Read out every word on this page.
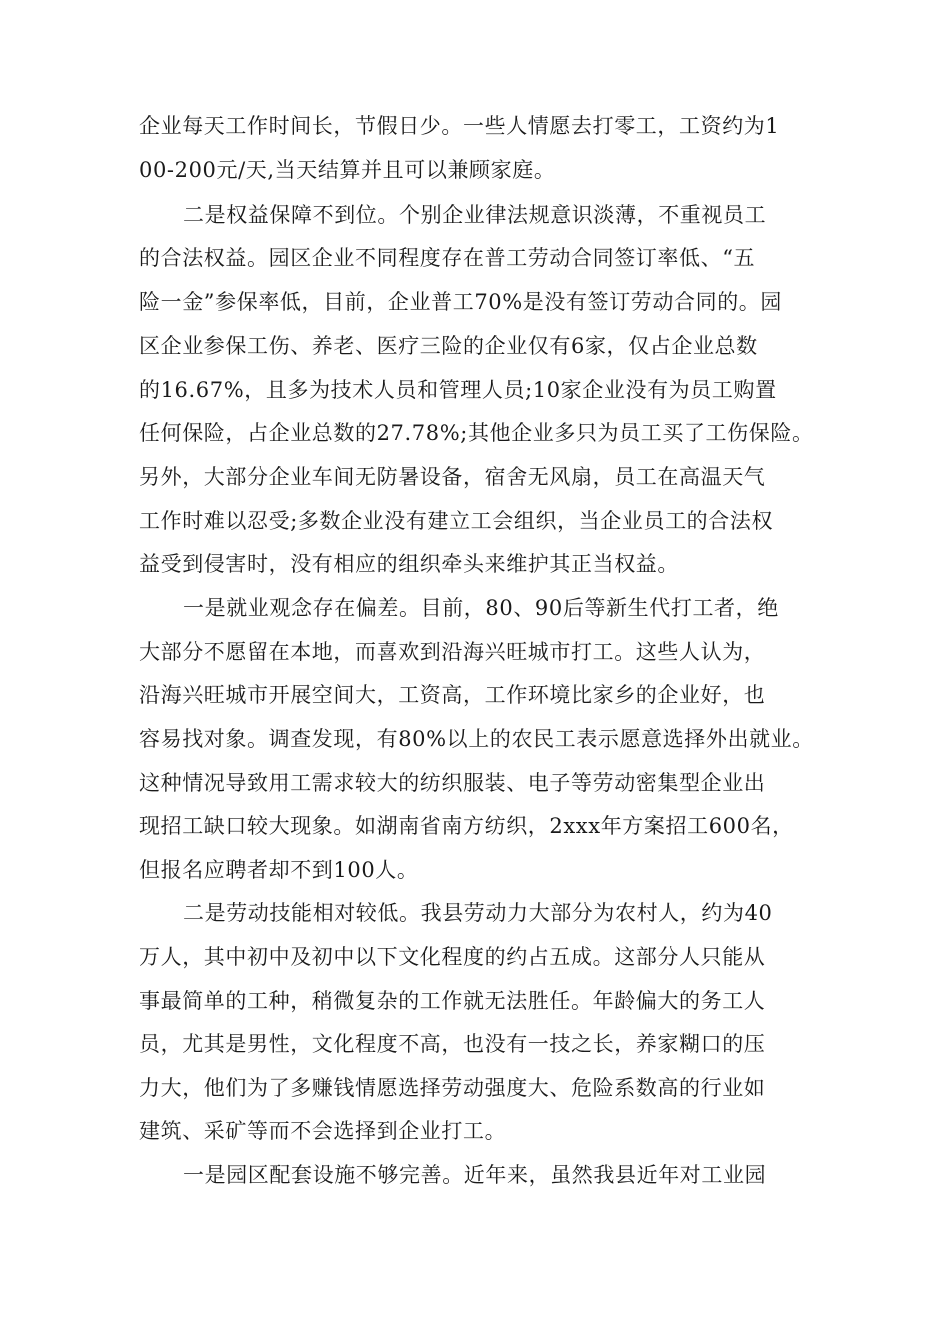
企业每天工作时间长，节假日少。一些人情愿去打零工，工资约为1
00-200元/天,当天结算并且可以兼顾家庭。
二是权益保障不到位。个别企业律法规意识淡薄，不重视员工
的合法权益。园区企业不同程度存在普工劳动合同签订率低、“五
险一金”参保率低，目前，企业普工70%是没有签订劳动合同的。园
区企业参保工伤、养老、医疗三险的企业仅有6家，仅占企业总数
的16.67%，且多为技术人员和管理人员;10家企业没有为员工购置
任何保险，占企业总数的27.78%;其他企业多只为员工买了工伤保险。
另外，大部分企业车间无防暑设备，宿舍无风扇，员工在高温天气
工作时难以忍受;多数企业没有建立工会组织，当企业员工的合法权
益受到侵害时，没有相应的组织牵头来维护其正当权益。
一是就业观念存在偏差。目前，80、90后等新生代打工者，绝
大部分不愿留在本地，而喜欢到沿海兴旺城市打工。这些人认为，
沿海兴旺城市开展空间大，工资高，工作环境比家乡的企业好，也
容易找对象。调查发现，有80%以上的农民工表示愿意选择外出就业。
这种情况导致用工需求较大的纺织服装、电子等劳动密集型企业出
现招工缺口较大现象。如湖南省南方纺织，2xxx年方案招工600名，
但报名应聘者却不到100人。
二是劳动技能相对较低。我县劳动力大部分为农村人，约为40
万人，其中初中及初中以下文化程度的约占五成。这部分人只能从
事最简单的工种，稍微复杂的工作就无法胜任。年龄偏大的务工人
员，尤其是男性，文化程度不高，也没有一技之长，养家糊口的压
力大，他们为了多赚钱情愿选择劳动强度大、危险系数高的行业如
建筑、采矿等而不会选择到企业打工。
一是园区配套设施不够完善。近年来，虽然我县近年对工业园
